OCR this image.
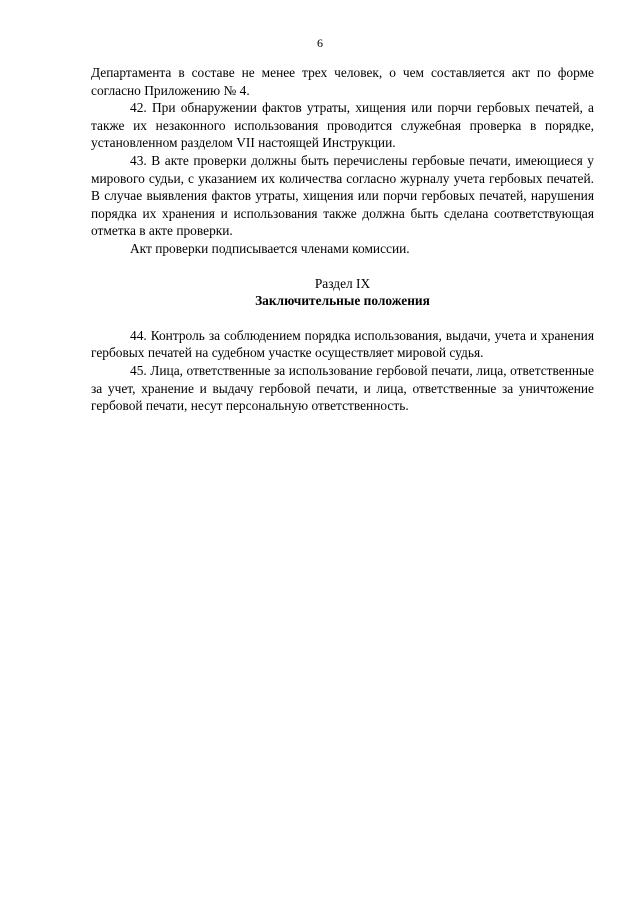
6

Департамента в составе не менее трех человек, о чем составляется акт по форме согласно Приложению № 4.

42. При обнаружении фактов утраты, хищения или порчи гербовых печатей, а также их незаконного использования проводится служебная проверка в порядке, установленном разделом VII настоящей Инструкции.

43. В акте проверки должны быть перечислены гербовые печати, имеющиеся у мирового судьи, с указанием их количества согласно журналу учета гербовых печатей. В случае выявления фактов утраты, хищения или порчи гербовых печатей, нарушения порядка их хранения и использования также должна быть сделана соответствующая отметка в акте проверки.

Акт проверки подписывается членами комиссии.

Раздел IX
Заключительные положения

44. Контроль за соблюдением порядка использования, выдачи, учета и хранения гербовых печатей на судебном участке осуществляет мировой судья.

45. Лица, ответственные за использование гербовой печати, лица, ответственные за учет, хранение и выдачу гербовой печати, и лица, ответственные за уничтожение гербовой печати, несут персональную ответственность.
